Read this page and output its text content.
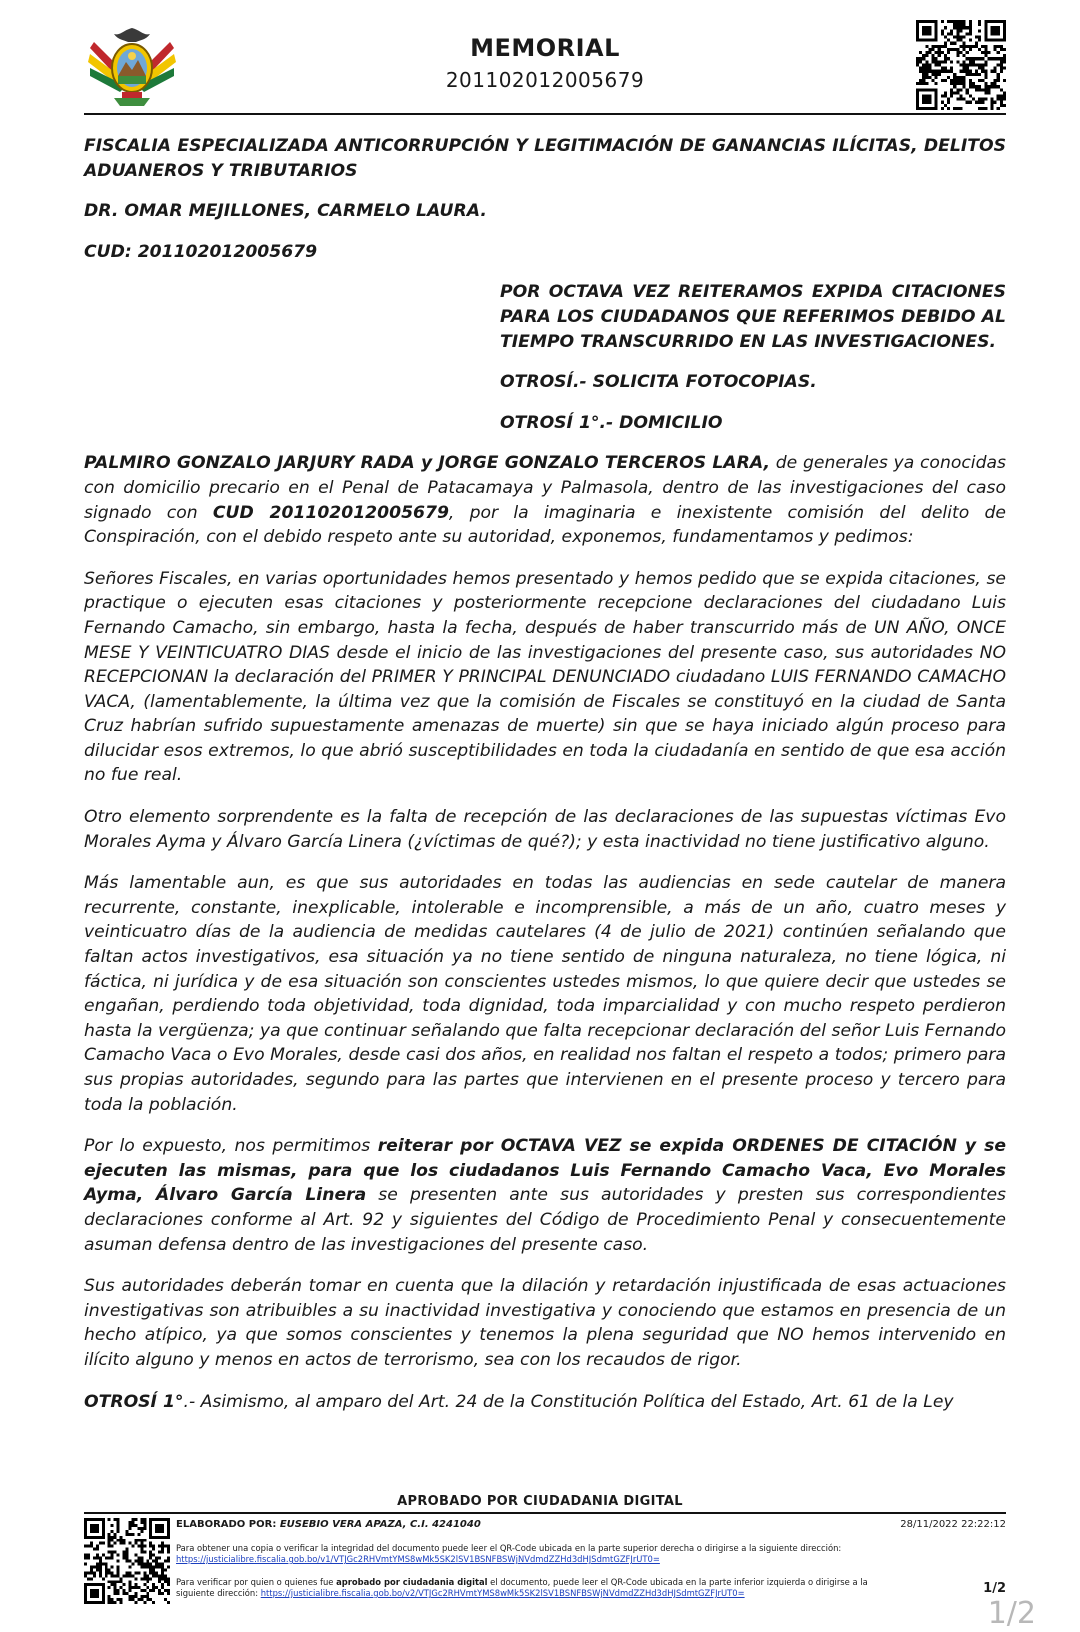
MEMORIAL
201102012005679

FISCALIA ESPECIALIZADA ANTICORRUPCIÓN Y LEGITIMACIÓN DE GANANCIAS ILÍCITAS, DELITOS ADUANEROS Y TRIBUTARIOS

DR. OMAR MEJILLONES, CARMELO LAURA.

CUD: 201102012005679

POR OCTAVA VEZ REITERAMOS EXPIDA CITACIONES PARA LOS CIUDADANOS QUE REFERIMOS DEBIDO AL TIEMPO TRANSCURRIDO EN LAS INVESTIGACIONES.

OTROSÍ.- SOLICITA FOTOCOPIAS.

OTROSÍ 1°.- DOMICILIO

PALMIRO GONZALO JARJURY RADA y JORGE GONZALO TERCEROS LARA, de generales ya conocidas con domicilio precario en el Penal de Patacamaya y Palmasola, dentro de las investigaciones del caso signado con CUD 201102012005679, por la imaginaria e inexistente comisión del delito de Conspiración, con el debido respeto ante su autoridad, exponemos, fundamentamos y pedimos:

Señores Fiscales, en varias oportunidades hemos presentado y hemos pedido que se expida citaciones, se practique o ejecuten esas citaciones y posteriormente recepcione declaraciones del ciudadano Luis Fernando Camacho, sin embargo, hasta la fecha, después de haber transcurrido más de UN AÑO, ONCE MESE Y VEINTICUATRO DIAS desde el inicio de las investigaciones del presente caso, sus autoridades NO RECEPCIONAN la declaración del PRIMER Y PRINCIPAL DENUNCIADO ciudadano LUIS FERNANDO CAMACHO VACA, (lamentablemente, la última vez que la comisión de Fiscales se constituyó en la ciudad de Santa Cruz habrían sufrido supuestamente amenazas de muerte) sin que se haya iniciado algún proceso para dilucidar esos extremos, lo que abrió susceptibilidades en toda la ciudadanía en sentido de que esa acción no fue real.

Otro elemento sorprendente es la falta de recepción de las declaraciones de las supuestas víctimas Evo Morales Ayma y Álvaro García Linera (¿víctimas de qué?); y esta inactividad no tiene justificativo alguno.

Más lamentable aun, es que sus autoridades en todas las audiencias en sede cautelar de manera recurrente, constante, inexplicable, intolerable e incomprensible, a más de un año, cuatro meses y veinticuatro días de la audiencia de medidas cautelares (4 de julio de 2021) continúen señalando que faltan actos investigativos, esa situación ya no tiene sentido de ninguna naturaleza, no tiene lógica, ni fáctica, ni jurídica y de esa situación son conscientes ustedes mismos, lo que quiere decir que ustedes se engañan, perdiendo toda objetividad, toda dignidad, toda imparcialidad y con mucho respeto perdieron hasta la vergüenza; ya que continuar señalando que falta recepcionar declaración del señor Luis Fernando Camacho Vaca o Evo Morales, desde casi dos años, en realidad nos faltan el respeto a todos; primero para sus propias autoridades, segundo para las partes que intervienen en el presente proceso y tercero para toda la población.

Por lo expuesto, nos permitimos reiterar por OCTAVA VEZ se expida ORDENES DE CITACIÓN y se ejecuten las mismas, para que los ciudadanos Luis Fernando Camacho Vaca, Evo Morales Ayma, Álvaro García Linera se presenten ante sus autoridades y presten sus correspondientes declaraciones conforme al Art. 92 y siguientes del Código de Procedimiento Penal y consecuentemente asuman defensa dentro de las investigaciones del presente caso.

Sus autoridades deberán tomar en cuenta que la dilación y retardación injustificada de esas actuaciones investigativas son atribuibles a su inactividad investigativa y conociendo que estamos en presencia de un hecho atípico, ya que somos conscientes y tenemos la plena seguridad que NO hemos intervenido en ilícito alguno y menos en actos de terrorismo, sea con los recaudos de rigor.

OTROSÍ 1°.- Asimismo, al amparo del Art. 24 de la Constitución Política del Estado, Art. 61 de la Ley

APROBADO POR CIUDADANIA DIGITAL
ELABORADO POR: EUSEBIO VERA APAZA, C.I. 4241040	28/11/2022 22:22:12
Para obtener una copia o verificar la integridad del documento puede leer el QR-Code ubicada en la parte superior derecha o dirigirse a la siguiente dirección:
https://justicialibre.fiscalia.gob.bo/v1/VTJGc2RHVmtYMS8wMk5SK2lSV1BSNFBSWjNVdmdZZHd3dHJSdmtGZFJrUT0=
Para verificar por quien o quienes fue aprobado por ciudadania digital el documento, puede leer el QR-Code ubicada en la parte inferior izquierda o dirigirse a la siguiente dirección: https://justicialibre.fiscalia.gob.bo/v2/VTJGc2RHVmtYMS8wMk5SK2lSV1BSNFBSWjNVdmdZZHd3dHJSdmtGZFJrUT0=	1/2
1/2
